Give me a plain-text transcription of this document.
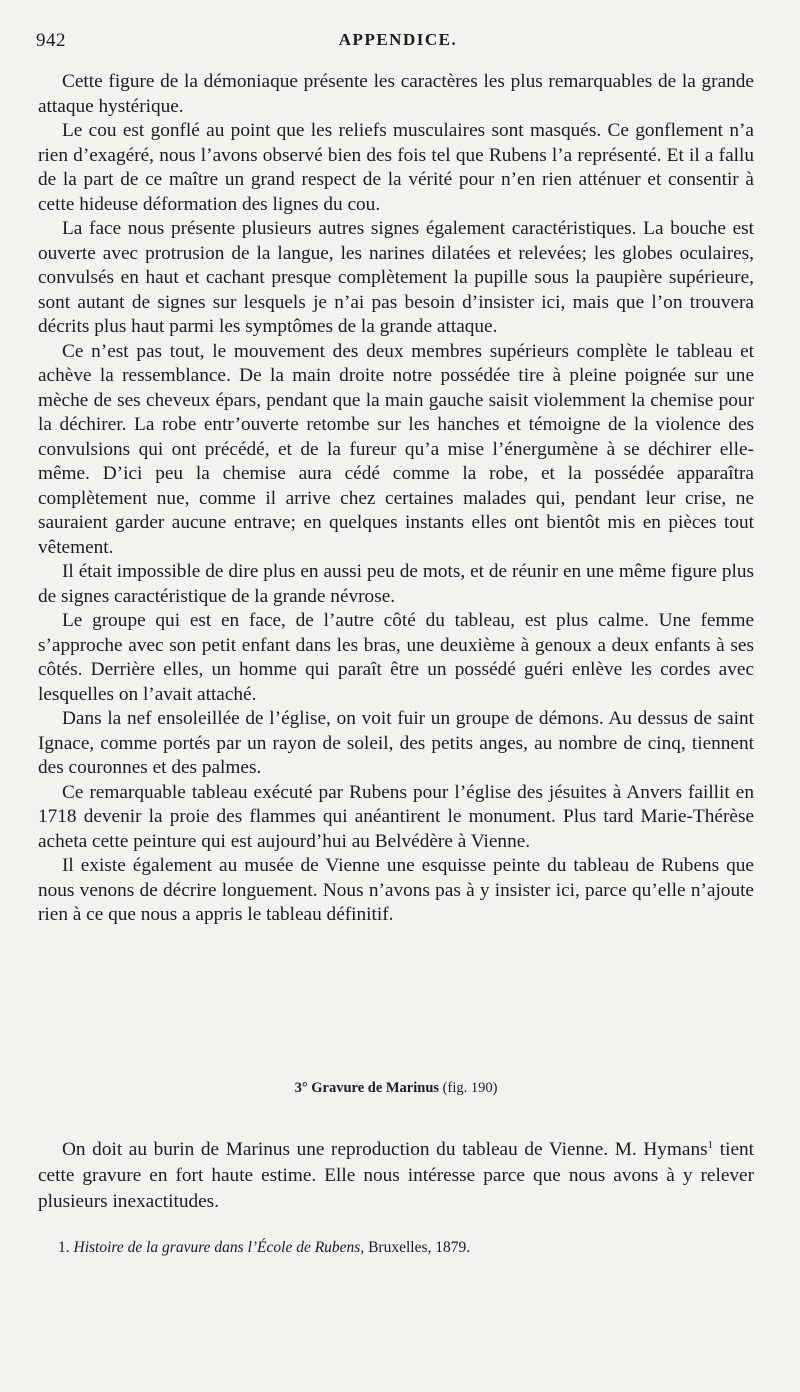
942	APPENDICE.

Cette figure de la démoniaque présente les caractères les plus remarquables de la grande attaque hystérique.

Le cou est gonflé au point que les reliefs musculaires sont masqués. Ce gonflement n’a rien d’exagéré, nous l’avons observé bien des fois tel que Rubens l’a représenté. Et il a fallu de la part de ce maître un grand respect de la vérité pour n’en rien atténuer et consentir à cette hideuse déformation des lignes du cou.

La face nous présente plusieurs autres signes également caractéristiques. La bouche est ouverte avec protrusion de la langue, les narines dilatées et relevées; les globes oculaires, convulsés en haut et cachant presque complètement la pupille sous la paupière supérieure, sont autant de signes sur lesquels je n’ai pas besoin d’insister ici, mais que l’on trouvera décrits plus haut parmi les symptômes de la grande attaque.

Ce n’est pas tout, le mouvement des deux membres supérieurs complète le tableau et achève la ressemblance. De la main droite notre possédée tire à pleine poignée sur une mèche de ses cheveux épars, pendant que la main gauche saisit violemment la chemise pour la déchirer. La robe entr’ouverte retombe sur les hanches et témoigne de la violence des convulsions qui ont précédé, et de la fureur qu’a mise l’énergumène à se déchirer elle-même. D’ici peu la chemise aura cédé comme la robe, et la possédée apparaîtra complètement nue, comme il arrive chez certaines malades qui, pendant leur crise, ne sauraient garder aucune entrave; en quelques instants elles ont bientôt mis en pièces tout vêtement.

Il était impossible de dire plus en aussi peu de mots, et de réunir en une même figure plus de signes caractéristique de la grande névrose.

Le groupe qui est en face, de l’autre côté du tableau, est plus calme. Une femme s’approche avec son petit enfant dans les bras, une deuxième à genoux a deux enfants à ses côtés. Derrière elles, un homme qui paraît être un possédé guéri enlève les cordes avec lesquelles on l’avait attaché.

Dans la nef ensoleillée de l’église, on voit fuir un groupe de démons. Au dessus de saint Ignace, comme portés par un rayon de soleil, des petits anges, au nombre de cinq, tiennent des couronnes et des palmes.

Ce remarquable tableau exécuté par Rubens pour l’église des jésuites à Anvers faillit en 1718 devenir la proie des flammes qui anéantirent le monument. Plus tard Marie-Thérèse acheta cette peinture qui est aujourd’hui au Belvédère à Vienne.

Il existe également au musée de Vienne une esquisse peinte du tableau de Rubens que nous venons de décrire longuement. Nous n’avons pas à y insister ici, parce qu’elle n’ajoute rien à ce que nous a appris le tableau définitif.

3° Gravure de Marinus (fig. 190)

On doit au burin de Marinus une reproduction du tableau de Vienne. M. Hymans$^1$ tient cette gravure en fort haute estime. Elle nous intéresse parce que nous avons à y relever plusieurs inexactitudes.

1. Histoire de la gravure dans l’École de Rubens, Bruxelles, 1879.
